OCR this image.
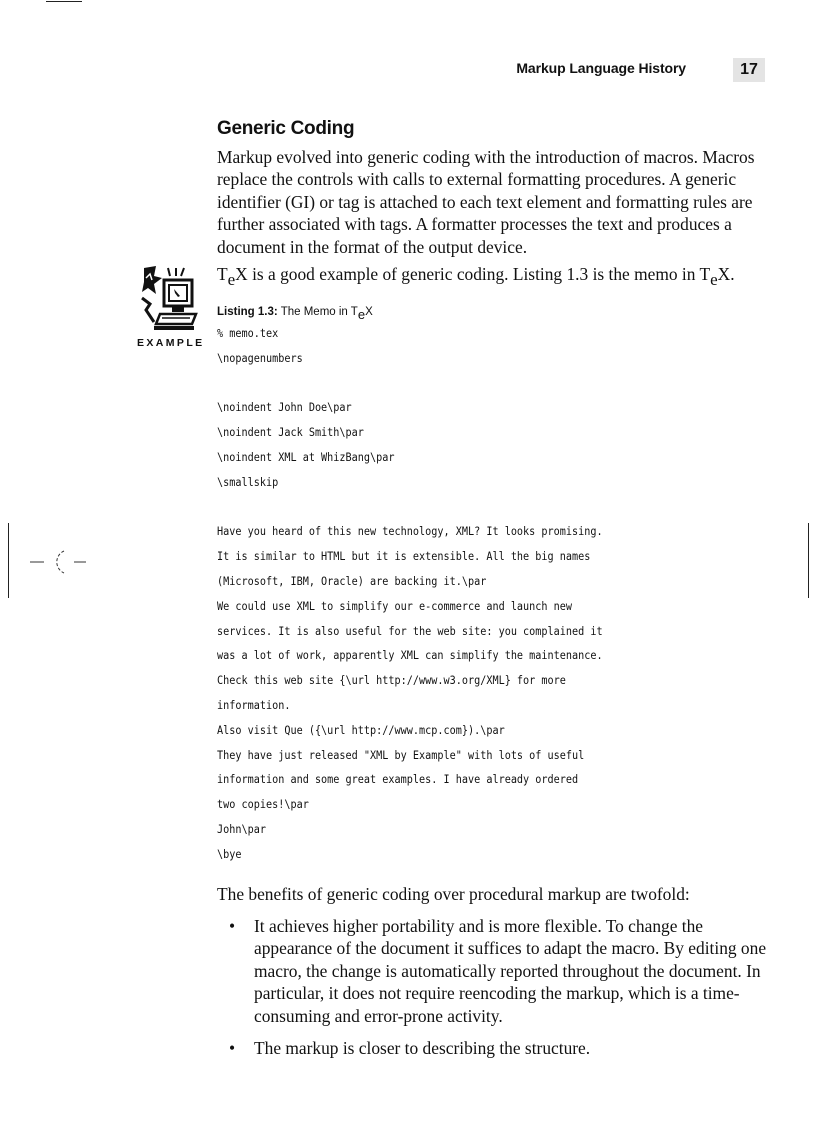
Markup Language History	17
Generic Coding

Markup evolved into generic coding with the introduction of macros. Macros replace the controls with calls to external formatting procedures. A generic identifier (GI) or tag is attached to each text element and formatting rules are further associated with tags. A formatter processes the text and produces a document in the format of the output device.

EXAMPLE

TeX is a good example of generic coding. Listing 1.3 is the memo in TeX.

Listing 1.3: The Memo in TeX
% memo.tex
\nopagenumbers

\noindent John Doe\par
\noindent Jack Smith\par
\noindent XML at WhizBang\par
\smallskip

Have you heard of this new technology, XML? It looks promising.
It is similar to HTML but it is extensible. All the big names
(Microsoft, IBM, Oracle) are backing it.\par
We could use XML to simplify our e-commerce and launch new
services. It is also useful for the web site: you complained it
was a lot of work, apparently XML can simplify the maintenance.
Check this web site {\url http://www.w3.org/XML} for more
information.
Also visit Que ({\url http://www.mcp.com}).\par
They have just released "XML by Example" with lots of useful
information and some great examples. I have already ordered
two copies!\par
John\par
\bye

The benefits of generic coding over procedural markup are twofold:

• It achieves higher portability and is more flexible. To change the appearance of the document it suffices to adapt the macro. By editing one macro, the change is automatically reported throughout the document. In particular, it does not require reencoding the markup, which is a time-consuming and error-prone activity.
• The markup is closer to describing the structure.
